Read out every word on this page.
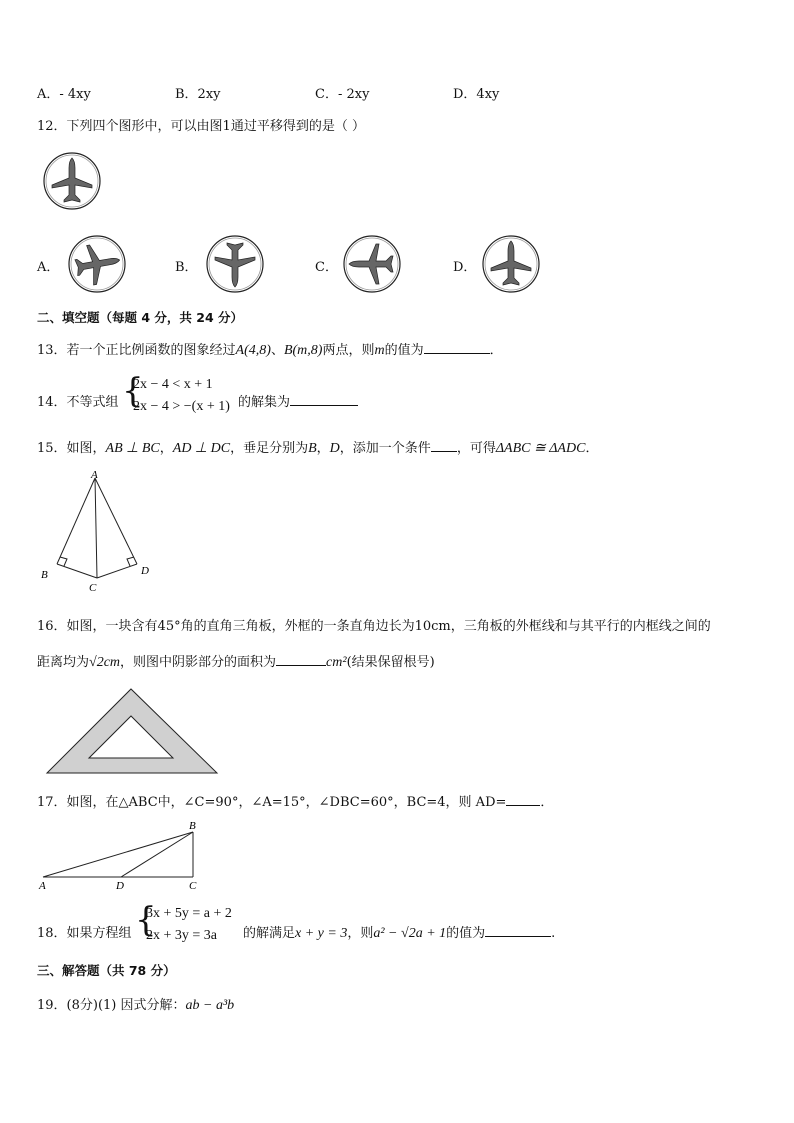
A．- 4xy	B．2xy	C．- 2xy	D．4xy
12．下列四个图形中，可以由图1通过平移得到的是（ ）
A．	B．	C．	D．
二、填空题（每题 4 分，共 24 分）
13．若一个正比例函数的图象经过A(4,8)、B(m,8)两点，则m的值为	．
14．不等式组 {
2x − 4 < x + 1
2x − 4 > −(x + 1) 的解集为
15．如图，AB ⊥ BC，AD ⊥ DC，垂足分别为B，D，添加一个条件 ，可得ΔABC ≅ ΔADC．
A
B
C
D
16．如图，一块含有45°角的直角三角板，外框的一条直角边长为10cm，三角板的外框线和与其平行的内框线之间的
距离均为√2cm，则图中阴影部分的面积为	cm²(结果保留根号)
17．如图，在△ABC中，∠C=90°，∠A=15°，∠DBC=60°，BC=4，则 AD=	．
B
A	D	C
18．如果方程组 {
3x + 5y = a + 2
2x + 3y = 3a 的解满足x + y = 3，则a² − √2a + 1的值为	.
三、解答题（共 78 分）
19．(8分)(1) 因式分解：ab − a³b
